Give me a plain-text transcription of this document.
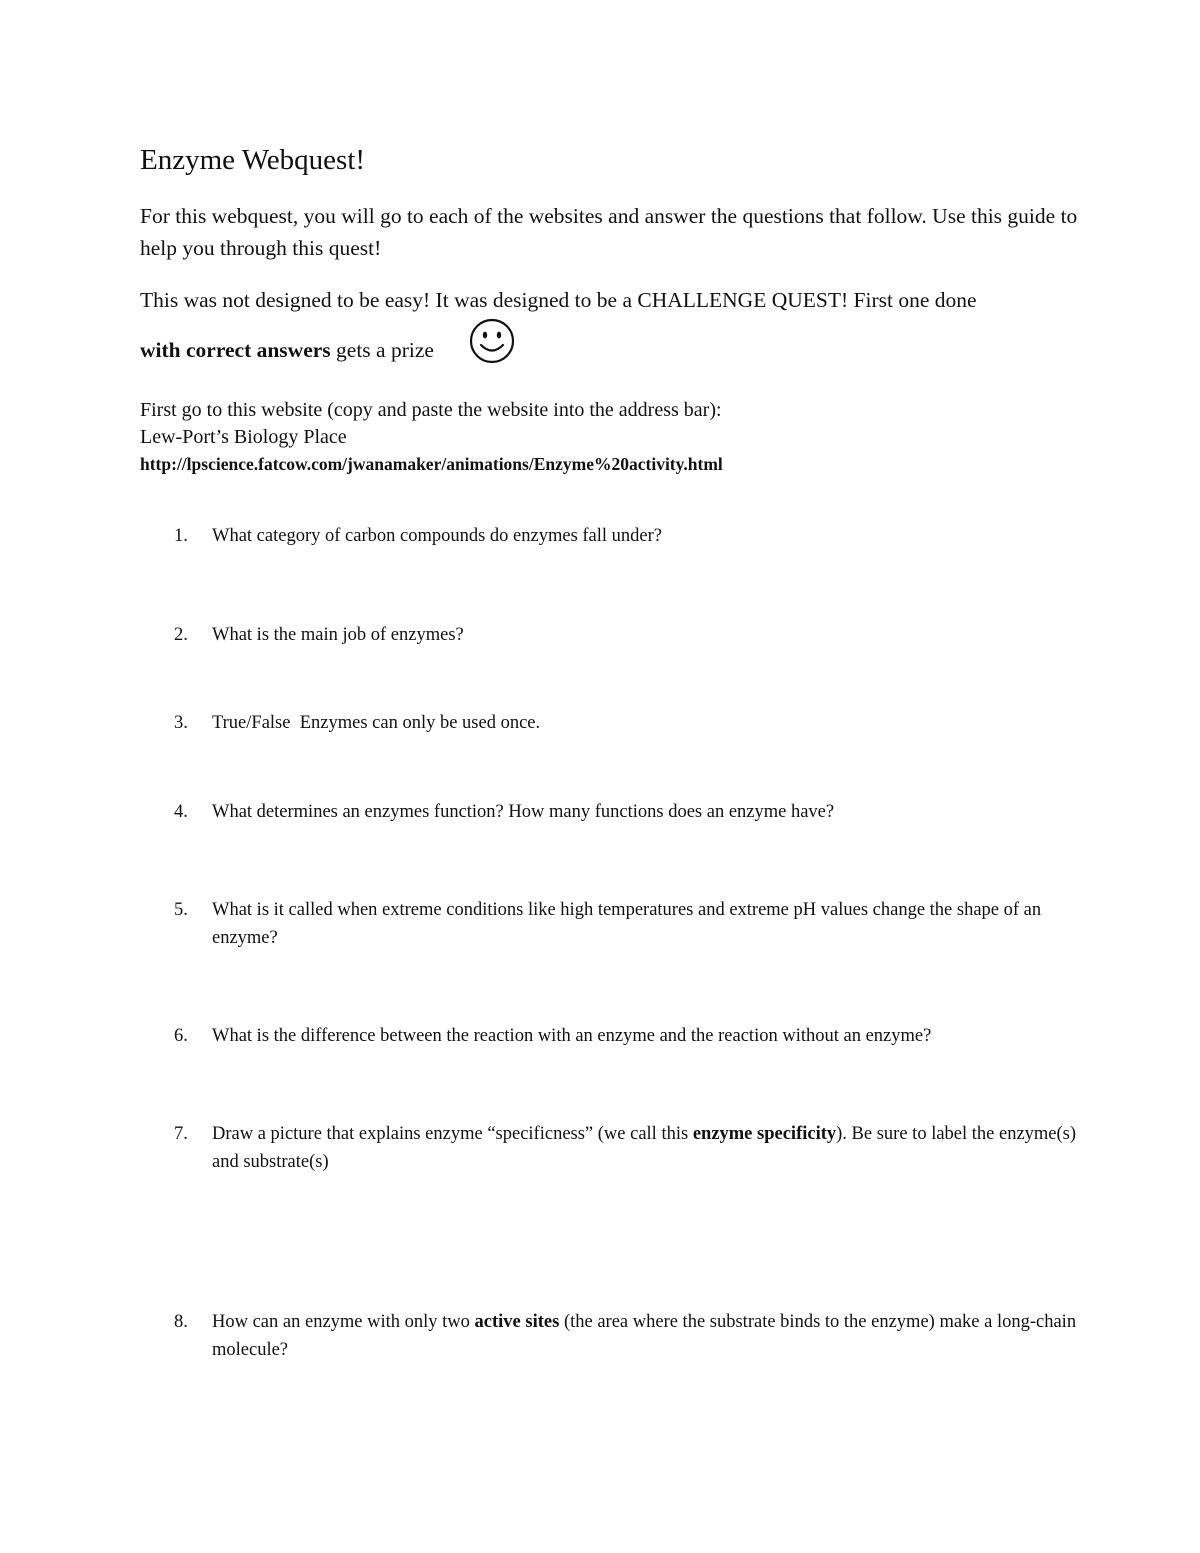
Enzyme Webquest!
For this webquest, you will go to each of the websites and answer the questions that follow. Use this guide to help you through this quest!
This was not designed to be easy! It was designed to be a CHALLENGE QUEST! First one done
with correct answers gets a prize
First go to this website (copy and paste the website into the address bar):
Lew-Port’s Biology Place
http://lpscience.fatcow.com/jwanamaker/animations/Enzyme%20activity.html
1.	What category of carbon compounds do enzymes fall under?
2.	What is the main job of enzymes?
3.	True/False  Enzymes can only be used once.
4.	What determines an enzymes function? How many functions does an enzyme have?
5.	What is it called when extreme conditions like high temperatures and extreme pH values change the shape of an enzyme?
6.	What is the difference between the reaction with an enzyme and the reaction without an enzyme?
7.	Draw a picture that explains enzyme “specificness” (we call this enzyme specificity). Be sure to label the enzyme(s) and substrate(s)
8.	How can an enzyme with only two active sites (the area where the substrate binds to the enzyme) make a long-chain molecule?
